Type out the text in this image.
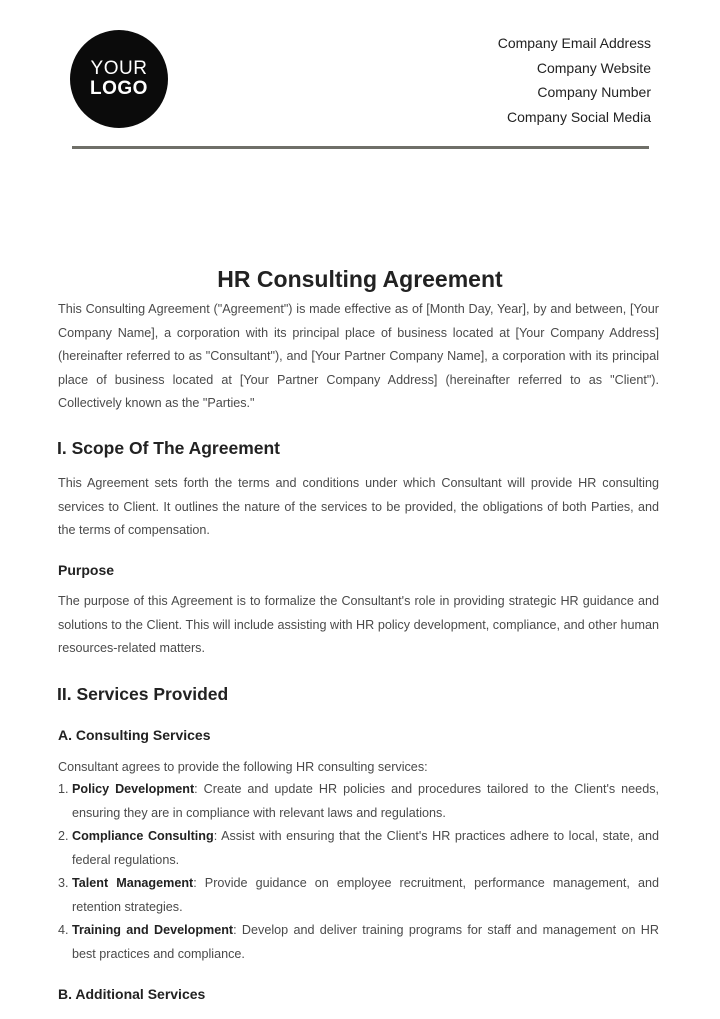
YOUR
LOGO
Company Email Address
Company Website
Company Number
Company Social Media
HR Consulting Agreement
This Consulting Agreement ("Agreement") is made effective as of [Month Day, Year], by and between, [Your Company Name], a corporation with its principal place of business located at [Your Company Address] (hereinafter referred to as "Consultant"), and [Your Partner Company Name], a corporation with its principal place of business located at [Your Partner Company Address] (hereinafter referred to as "Client"). Collectively known as the "Parties."
I. Scope Of The Agreement
This Agreement sets forth the terms and conditions under which Consultant will provide HR consulting services to Client. It outlines the nature of the services to be provided, the obligations of both Parties, and the terms of compensation.
Purpose
The purpose of this Agreement is to formalize the Consultant's role in providing strategic HR guidance and solutions to the Client. This will include assisting with HR policy development, compliance, and other human resources-related matters.
II. Services Provided
A. Consulting Services
Consultant agrees to provide the following HR consulting services:
1. Policy Development: Create and update HR policies and procedures tailored to the Client's needs, ensuring they are in compliance with relevant laws and regulations.
2. Compliance Consulting: Assist with ensuring that the Client's HR practices adhere to local, state, and federal regulations.
3. Talent Management: Provide guidance on employee recruitment, performance management, and retention strategies.
4. Training and Development: Develop and deliver training programs for staff and management on HR best practices and compliance.
B. Additional Services
